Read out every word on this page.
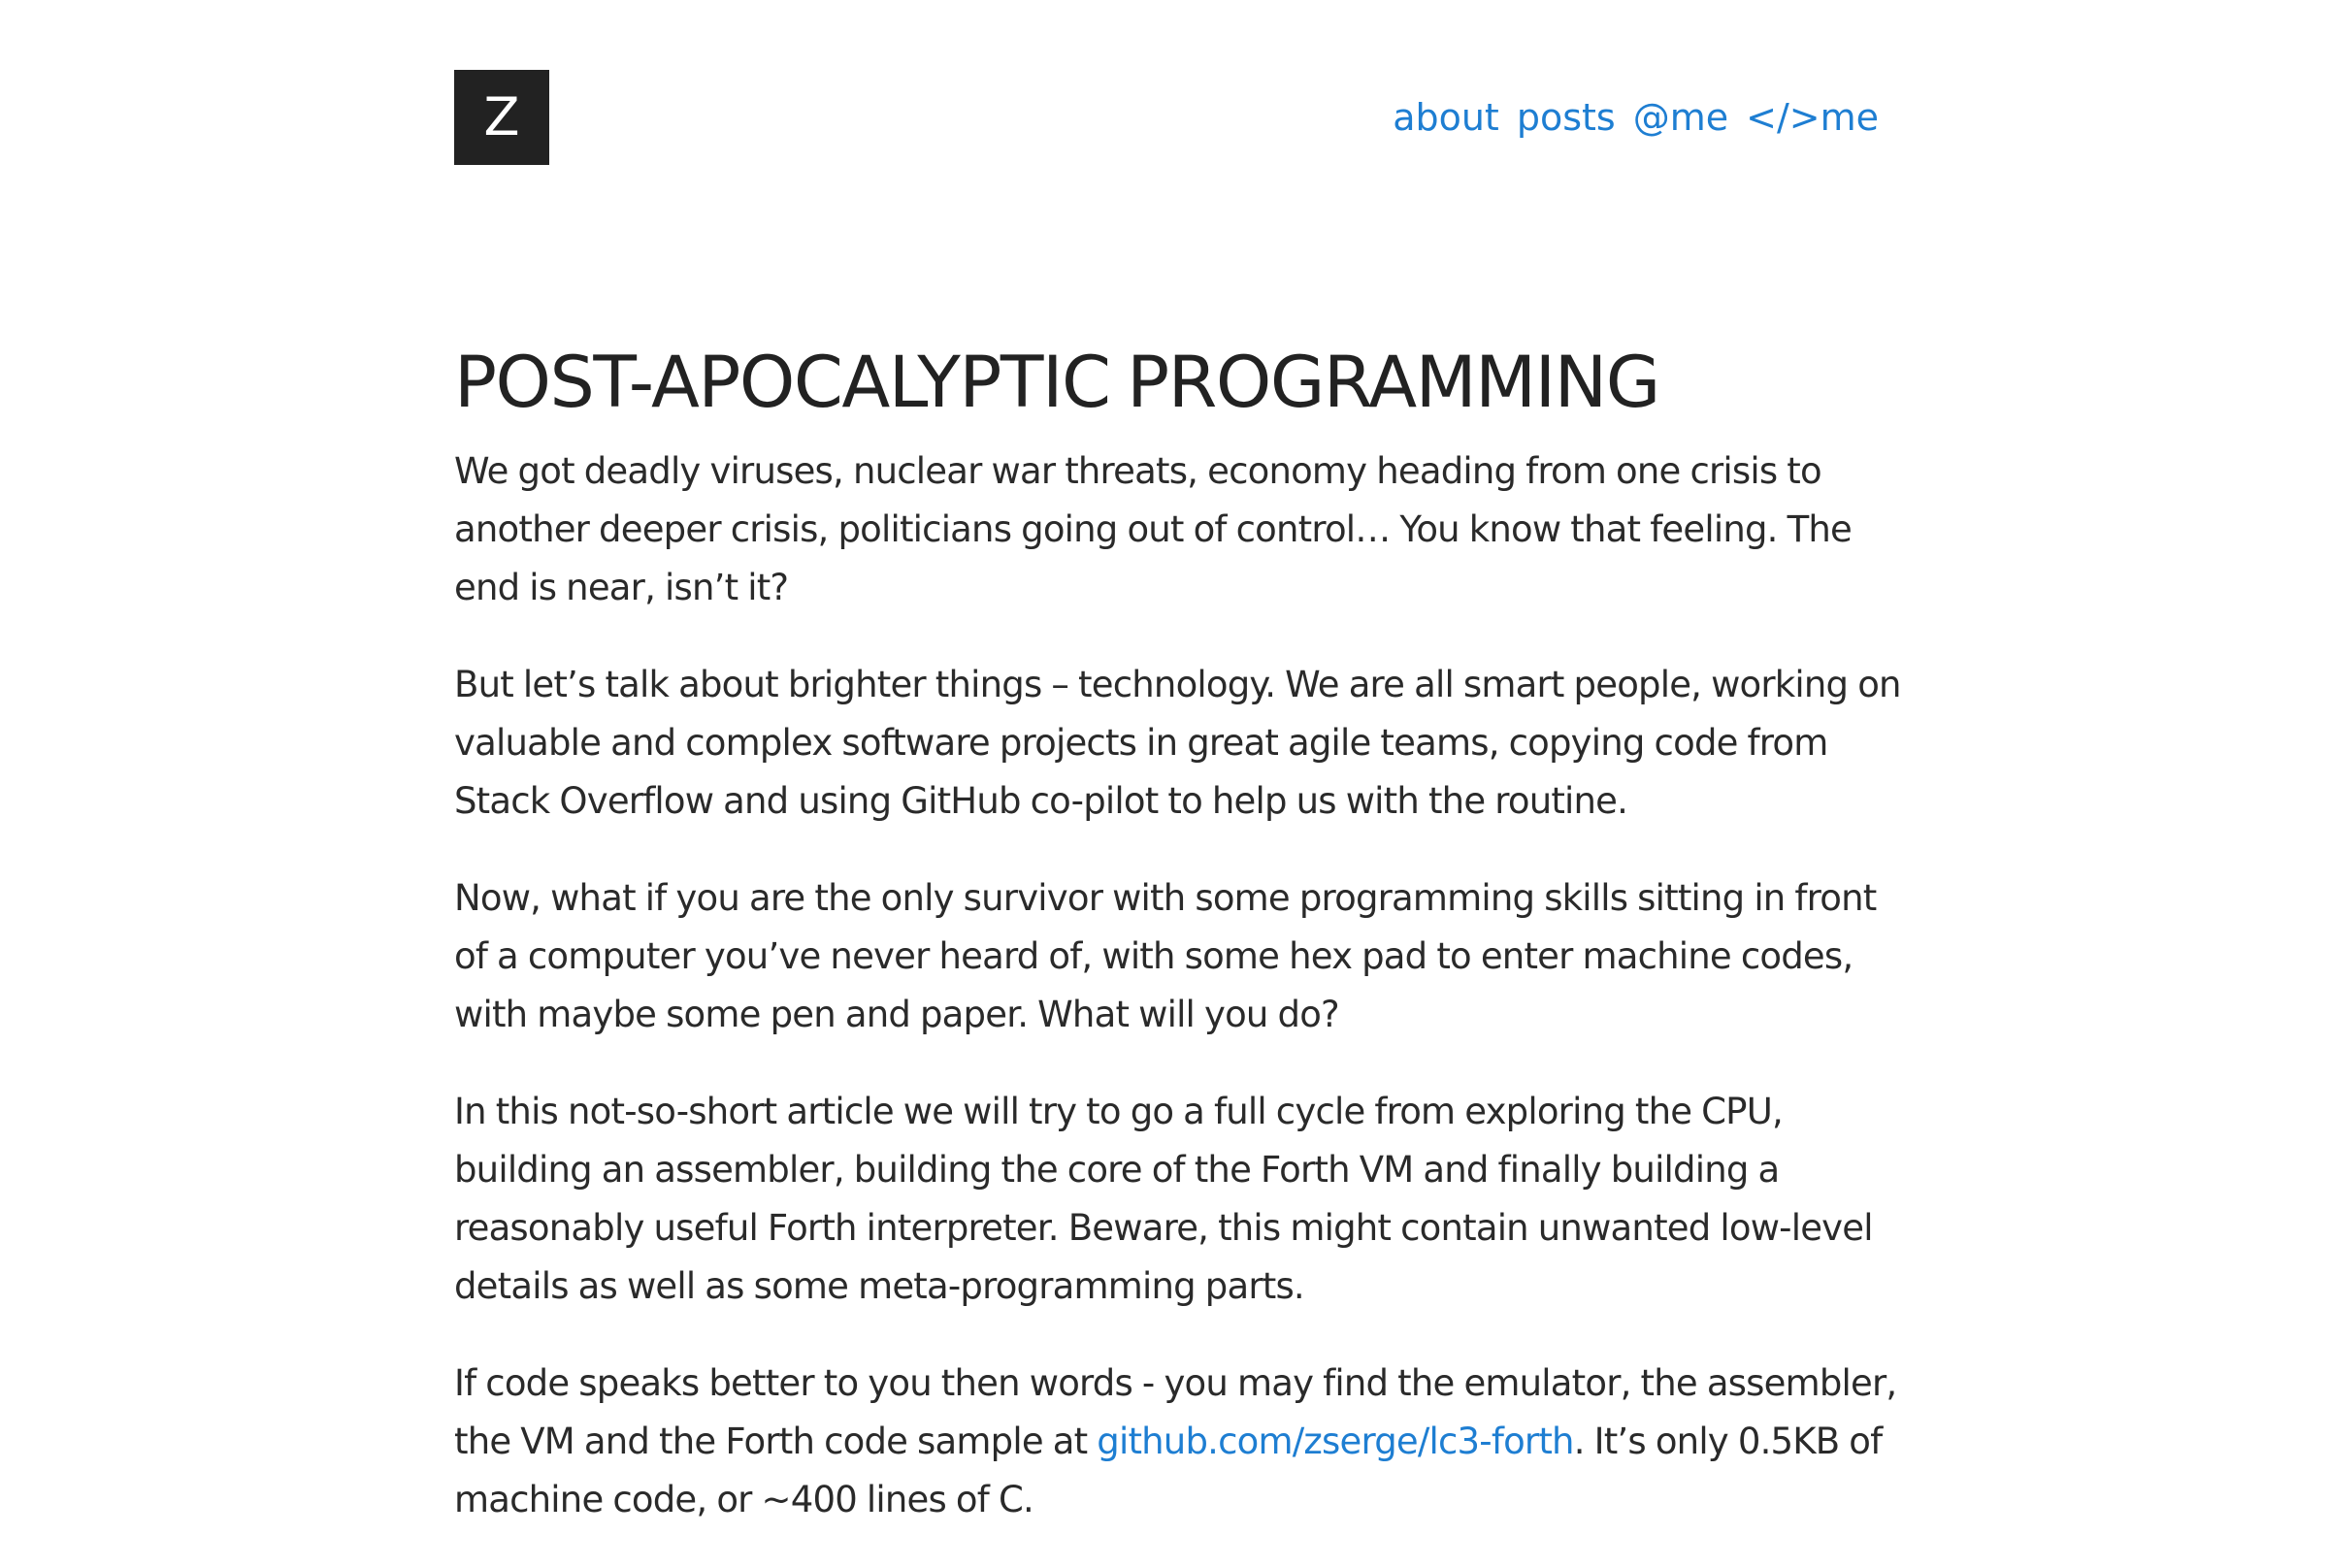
Z	about posts @me </>me
POST-APOCALYPTIC PROGRAMMING

We got deadly viruses, nuclear war threats, economy heading from one crisis to another deeper crisis, politicians going out of control… You know that feeling. The end is near, isn’t it?

But let’s talk about brighter things – technology. We are all smart people, working on valuable and complex software projects in great agile teams, copying code from Stack Overflow and using GitHub co-pilot to help us with the routine.

Now, what if you are the only survivor with some programming skills sitting in front of a computer you’ve never heard of, with some hex pad to enter machine codes, with maybe some pen and paper. What will you do?

In this not-so-short article we will try to go a full cycle from exploring the CPU, building an assembler, building the core of the Forth VM and finally building a reasonably useful Forth interpreter. Beware, this might contain unwanted low-level details as well as some meta-programming parts.

If code speaks better to you then words - you may find the emulator, the assembler, the VM and the Forth code sample at github.com/zserge/lc3-forth. It’s only 0.5KB of machine code, or ~400 lines of C.
